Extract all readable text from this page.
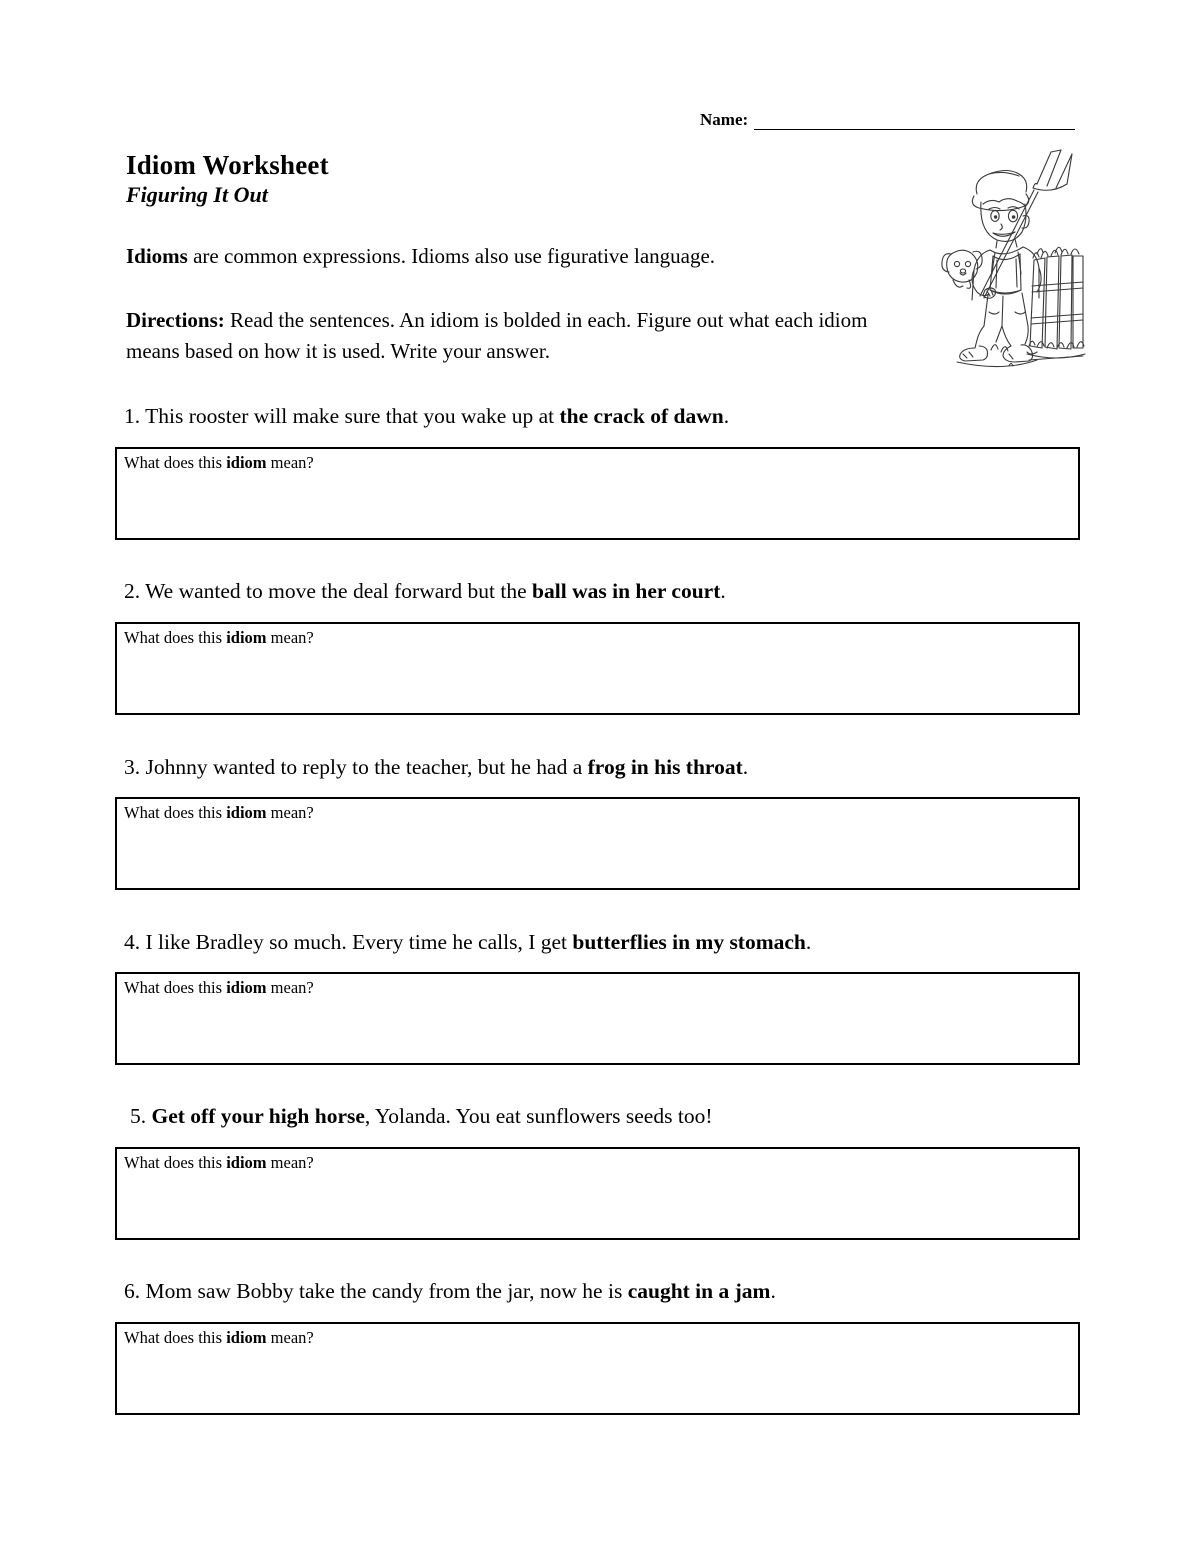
Name:
Idiom Worksheet
Figuring It Out
Idioms are common expressions. Idioms also use figurative language.
Directions: Read the sentences. An idiom is bolded in each. Figure out what each idiom means based on how it is used. Write your answer.
1. This rooster will make sure that you wake up at the crack of dawn.
What does this idiom mean?
2. We wanted to move the deal forward but the ball was in her court.
What does this idiom mean?
3. Johnny wanted to reply to the teacher, but he had a frog in his throat.
What does this idiom mean?
4. I like Bradley so much. Every time he calls, I get butterflies in my stomach.
What does this idiom mean?
5. Get off your high horse, Yolanda. You eat sunflowers seeds too!
What does this idiom mean?
6. Mom saw Bobby take the candy from the jar, now he is caught in a jam.
What does this idiom mean?
